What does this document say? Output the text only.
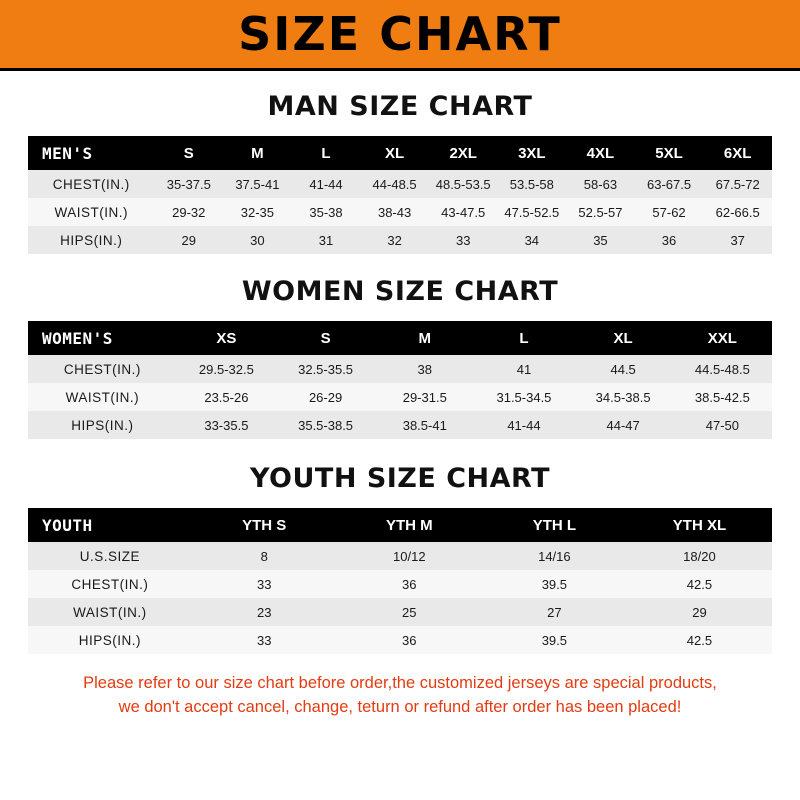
SIZE CHART
MAN SIZE CHART
MEN'S	S	M	L	XL	2XL	3XL	4XL	5XL	6XL
CHEST(IN.)	35-37.5	37.5-41	41-44	44-48.5	48.5-53.5	53.5-58	58-63	63-67.5	67.5-72
WAIST(IN.)	29-32	32-35	35-38	38-43	43-47.5	47.5-52.5	52.5-57	57-62	62-66.5
HIPS(IN.)	29	30	31	32	33	34	35	36	37
WOMEN SIZE CHART
WOMEN'S	XS	S	M	L	XL	XXL
CHEST(IN.)	29.5-32.5	32.5-35.5	38	41	44.5	44.5-48.5
WAIST(IN.)	23.5-26	26-29	29-31.5	31.5-34.5	34.5-38.5	38.5-42.5
HIPS(IN.)	33-35.5	35.5-38.5	38.5-41	41-44	44-47	47-50
YOUTH SIZE CHART
YOUTH	YTH S	YTH M	YTH L	YTH XL
U.S.SIZE	8	10/12	14/16	18/20
CHEST(IN.)	33	36	39.5	42.5
WAIST(IN.)	23	25	27	29
HIPS(IN.)	33	36	39.5	42.5
Please refer to our size chart before order,the customized jerseys are special products,
we don't accept cancel, change, teturn or refund after order has been placed!
